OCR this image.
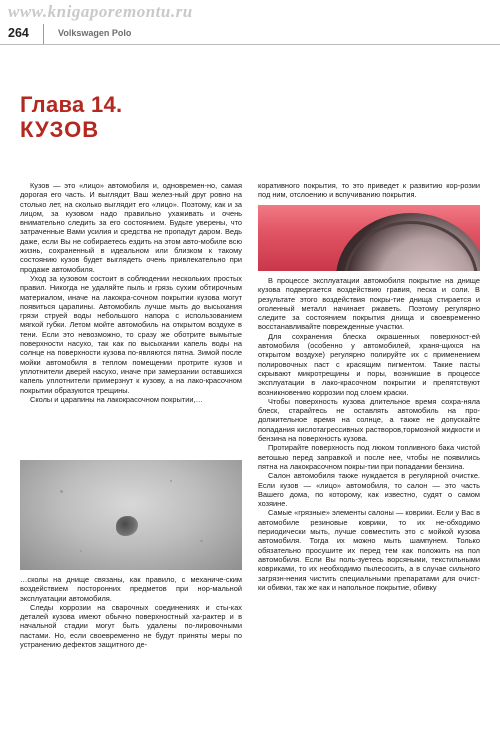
www.knigaporemontu.ru
264	Volkswagen Polo
Глава 14.
КУЗОВ

Кузов — это «лицо» автомобиля и, одновремен-но, самая дорогая его часть. И выглядит Ваш желез-ный друг ровно на столько лет, на сколько выглядит его «лицо». Поэтому, как и за лицом, за кузовом надо правильно ухаживать и очень внимательно следить за его состоянием. Будьте уверены, что затраченные Вами усилия и средства не пропадут даром. Ведь даже, если Вы не собираетесь ездить на этом авто-мобиле всю жизнь, сохраненный в идеальном или близком к такому состоянию кузов будет выглядеть очень привлекательно при продаже автомобиля.

Уход за кузовом состоит в соблюдении нескольких простых правил. Никогда не удаляйте пыль и грязь сухим обтирочным материалом, иначе на лакокра-сочном покрытии кузова могут появиться царапины. Автомобиль лучше мыть до высыхания грязи струей воды небольшого напора с использованием мягкой губки. Летом мойте автомобиль на открытом воздухе в тени. Если это невозможно, то сразу же оботрите вымытые поверхности насухо, так как по высыхании капель воды на солнце на поверхности кузова по-являются пятна. Зимой после мойки автомобиля в теплом помещении протрите кузов и уплотнители дверей насухо, иначе при замерзании оставшихся капель уплотнители примерзнут к кузову, а на лако-красочном покрытии образуются трещины.

Сколы и царапины на лакокрасочном покрытии,…

…сколы на днище связаны, как правило, с механиче-ским воздействием посторонних предметов при нор-мальной эксплуатации автомобиля.

Следы коррозии на сварочных соединениях и сты-ках деталей кузова имеют обычно поверхностный ха-рактер и в начальной стадии могут быть удалены по-лировочными пастами. Но, если своевременно не будут приняты меры по устранению дефектов защитного де-

коративного покрытия, то это приведет к развитию кор-розии под ним, отслоению и вспучиванию покрытия.

В процессе эксплуатации автомобиля покрытие на днище кузова подвергается воздействию гравия, песка и соли. В результате этого воздействия покры-тие днища стирается и оголенный металл начинает ржаветь. Поэтому регулярно следите за состоянием покрытия днища и своевременно восстанавливайте поврежденные участки.

Для сохранения блеска окрашенных поверхност-ей автомобиля (особенно у автомобилей, храня-щихся на открытом воздухе) регулярно полируйте их с применением полировочных паст с красящим пигментом. Такие пасты скрывают микротрещины и поры, возникшие в процессе эксплуатации в лако-красочном покрытии и препятствуют возникновению коррозии под слоем краски.

Чтобы поверхность кузова длительное время сохра-няла блеск, старайтесь не оставлять автомобиль на про-должительное время на солнце, а также не допускайте попадания кислотагрессивных растворов,тормозной жидкости и бензина на поверхность кузова.

Протирайте поверхность под люком топливного бака чистой ветошью перед заправкой и после нее, чтобы не появились пятна на лакокрасочном покры-тии при попадании бензина.

Салон автомобиля также нуждается в регулярной очистке. Если кузов — «лицо» автомобиля, то салон — это часть Вашего дома, по которому, как известно, судят о самом хозяине.

Самые «грязные» элементы салоны — коврики. Если у Вас в автомобиле резиновые коврики, то их не-обходимо периодически мыть, лучше совместить это с мойкой кузова автомобиля. Тогда их можно мыть шампунем. Только обязательно просушите их перед тем как положить на пол автомобиля. Если Вы поль-зуетесь ворсяными, текстильными ковриками, то их необходимо пылесосить, а в случае сильного загрязн-нения чистить специальными препаратами для очист-ки обивки, так же как и напольное покрытие, обивку
